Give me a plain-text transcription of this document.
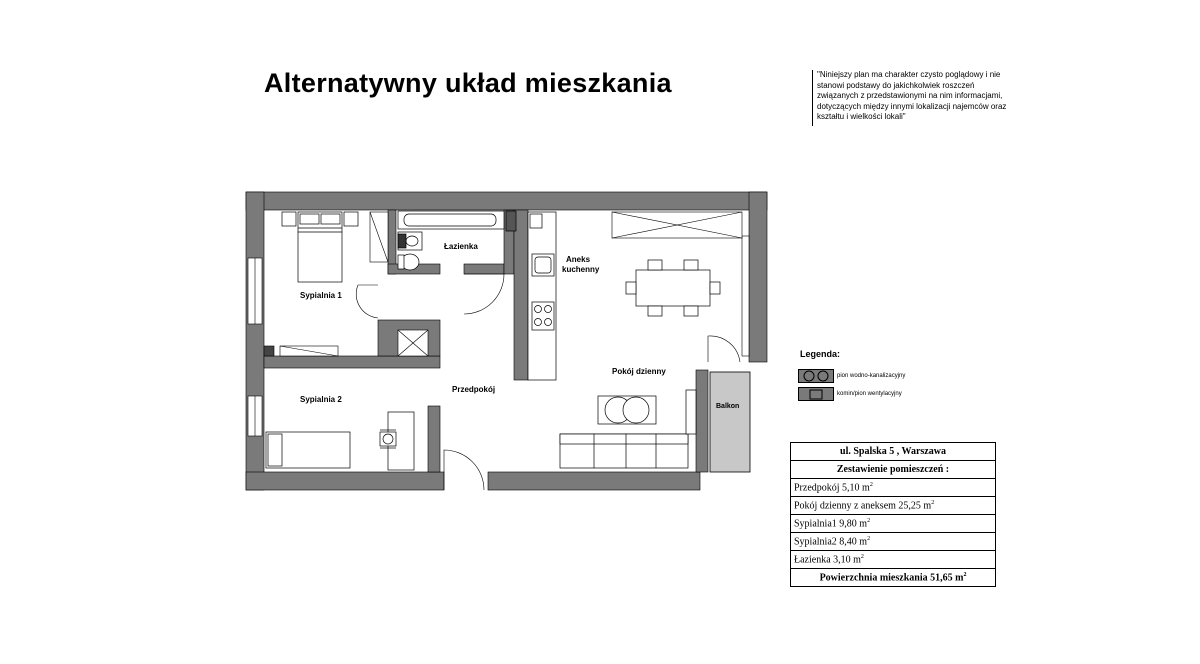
Alternatywny układ mieszkania	"Niniejszy plan ma charakter czysto poglądowy i nie stanowi podstawy do jakichkolwiek roszczeń związanych z przedstawionymi na nim informacjami, dotyczących między innymi lokalizacji najemców oraz kształtu i wielkości lokali"
Sypialnia 1
Sypialnia 2
Łazienka
Aneks
kuchenny
Pokój dzienny
Przedpokój
Balkon
Legenda:
pion wodno-kanalizacyjny
komin/pion wentylacyjny
ul. Spalska 5 , Warszawa
Zestawienie pomieszczeń :
Przedpokój 5,10 $m^2$
Pokój dzienny z aneksem 25,25 $m^2$
Sypialnia1 9,80 $m^2$
Sypialnia2 8,40 $m^2$
Łazienka 3,10 $m^2$
Powierzchnia mieszkania 51,65 $m^2$
